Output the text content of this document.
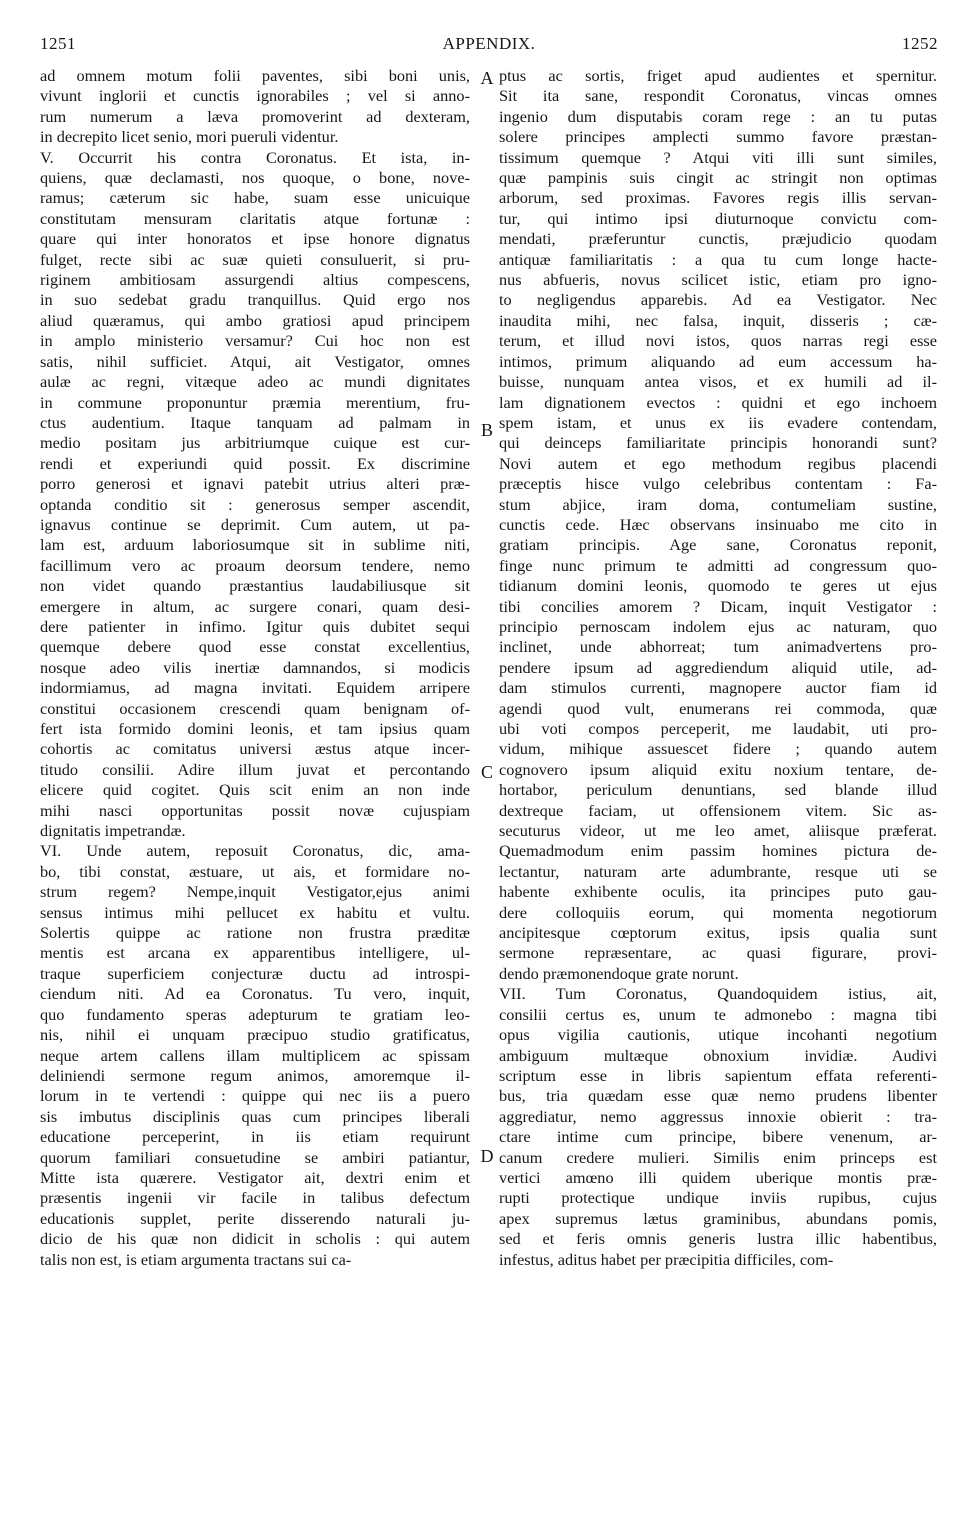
1251	APPENDIX.	1252
ad omnem motum folii paventes, sibi boni unis,
vivunt inglorii et cunctis ignorabiles ; vel si anno-
rum numerum a læva promoverint ad dexteram,
in decrepito licet senio, mori pueruli videntur.
V. Occurrit his contra Coronatus. Et ista, in-
quiens, quæ declamasti, nos quoque, o bone, nove-
ramus; cæterum sic habe, suam esse unicuique
constitutam mensuram claritatis atque fortunæ :
quare qui inter honoratos et ipse honore dignatus
fulget, recte sibi ac suæ quieti consuluerit, si pru-
riginem ambitiosam assurgendi altius compescens,
in suo sedebat gradu tranquillus. Quid ergo nos
aliud quæramus, qui ambo gratiosi apud principem
in amplo ministerio versamur? Cui hoc non est
satis, nihil sufficiet. Atqui, ait Vestigator, omnes
aulæ ac regni, vitæque adeo ac mundi dignitates
in commune proponuntur præmia merentium, fru-
ctus audentium. Itaque tanquam ad palmam in
medio positam jus arbitriumque cuique est cur-
rendi et experiundi quid possit. Ex discrimine
porro generosi et ignavi patebit utrius alteri præ-
optanda conditio sit : generosus semper ascendit,
ignavus continue se deprimit. Cum autem, ut pa-
lam est, arduum laboriosumque sit in sublime niti,
facillimum vero ac proaum deorsum tendere, nemo
non videt quando præstantius laudabiliusque sit
emergere in altum, ac surgere conari, quam desi-
dere patienter in infimo. Igitur quis dubitet sequi
quemque debere quod esse constat excellentius,
nosque adeo vilis inertiæ damnandos, si modicis
indormiamus, ad magna invitati. Equidem arripere
constitui occasionem crescendi quam benignam of-
fert ista formido domini leonis, et tam ipsius quam
cohortis ac comitatus universi æstus atque incer-
titudo consilii. Adire illum juvat et percontando
elicere quid cogitet. Quis scit enim an non inde
mihi nasci opportunitas possit novæ cujuspiam
dignitatis impetrandæ.
VI. Unde autem, reposuit Coronatus, dic, ama-
bo, tibi constat, æstuare, ut ais, et formidare no-
strum regem? Nempe,inquit Vestigator,ejus animi
sensus intimus mihi pellucet ex habitu et vultu.
Solertis quippe ac ratione non frustra præditæ
mentis est arcana ex apparentibus intelligere, ul-
traque superficiem conjecturæ ductu ad introspi-
ciendum niti. Ad ea Coronatus. Tu vero, inquit,
quo fundamento speras adepturum te gratiam leo-
nis, nihil ei unquam præcipuo studio gratificatus,
neque artem callens illam multiplicem ac spissam
deliniendi sermone regum animos, amoremque il-
lorum in te vertendi : quippe qui nec iis a puero
sis imbutus disciplinis quas cum principes liberali
educatione perceperint, in iis etiam requirunt
quorum familiari consuetudine se ambiri patiantur,
Mitte ista quærere. Vestigator ait, dextri enim et
præsentis ingenii vir facile in talibus defectum
educationis supplet, perite disserendo naturali ju-
dicio de his quæ non didicit in scholis : qui autem
talis non est, is etiam argumenta tractans sui ca-
ptus ac sortis, friget apud audientes et spernitur.
Sit ita sane, respondit Coronatus, vincas omnes
ingenio dum disputabis coram rege : an tu putas
solere principes amplecti summo favore præstan-
tissimum quemque ? Atqui viti illi sunt similes,
quæ pampinis suis cingit ac stringit non optimas
arborum, sed proximas. Favores regis illis servan-
tur, qui intimo ipsi diuturnoque convictu com-
mendati, præferuntur cunctis, præjudicio quodam
antiquæ familiaritatis : a qua tu cum longe hacte-
nus abfueris, novus scilicet istic, etiam pro igno-
to negligendus apparebis. Ad ea Vestigator. Nec
inaudita mihi, nec falsa, inquit, disseris ; cæ-
terum, et illud novi istos, quos narras regi esse
intimos, primum aliquando ad eum accessum ha-
buisse, nunquam antea visos, et ex humili ad il-
lam dignationem evectos : quidni et ego inchoem
spem istam, et unus ex iis evadere contendam,
qui deinceps familiaritate principis honorandi sunt?
Novi autem et ego methodum regibus placendi
præceptis hisce vulgo celebribus contentam : Fa-
stum abjice, iram doma, contumeliam sustine,
cunctis cede. Hæc observans insinuabo me cito in
gratiam principis. Age sane, Coronatus reponit,
finge nunc primum te admitti ad congressum quo-
tidianum domini leonis, quomodo te geres ut ejus
tibi concilies amorem ? Dicam, inquit Vestigator :
principio pernoscam indolem ejus ac naturam, quo
inclinet, unde abhorreat; tum animadvertens pro-
pendere ipsum ad aggrediendum aliquid utile, ad-
dam stimulos currenti, magnopere auctor fiam id
agendi quod vult, enumerans rei commoda, quæ
ubi voti compos perceperit, me laudabit, uti pro-
vidum, mihique assuescet fidere ; quando autem
cognovero ipsum aliquid exitu noxium tentare, de-
hortabor, periculum denuntians, sed blande illud
dextreque faciam, ut offensionem vitem. Sic as-
secuturus videor, ut me leo amet, aliisque præferat.
Quemadmodum enim passim homines pictura de-
lectantur, naturam arte adumbrante, resque uti se
habente exhibente oculis, ita principes puto gau-
dere colloquiis eorum, qui momenta negotiorum
ancipitesque cœptorum exitus, ipsis qualia sunt
sermone repræsentare, ac quasi figurare, provi-
dendo præmonendoque grate norunt.
VII. Tum Coronatus, Quandoquidem istius, ait,
consilii certus es, unum te admonebo : magna tibi
opus vigilia cautionis, utique incohanti negotium
ambiguum multæque obnoxium invidiæ. Audivi
scriptum esse in libris sapientum effata referenti-
bus, tria quædam esse quæ nemo prudens libenter
aggrediatur, nemo aggressus innoxie obierit : tra-
ctare intime cum principe, bibere venenum, ar-
canum credere mulieri. Similis enim princeps est
vertici amœno illi quidem uberique montis præ-
rupti protectique undique inviis rupibus, cujus
apex supremus lætus graminibus, abundans pomis,
sed et feris omnis generis lustra illic habentibus,
infestus, aditus habet per præcipitia difficiles, com-
A
B
C
D
